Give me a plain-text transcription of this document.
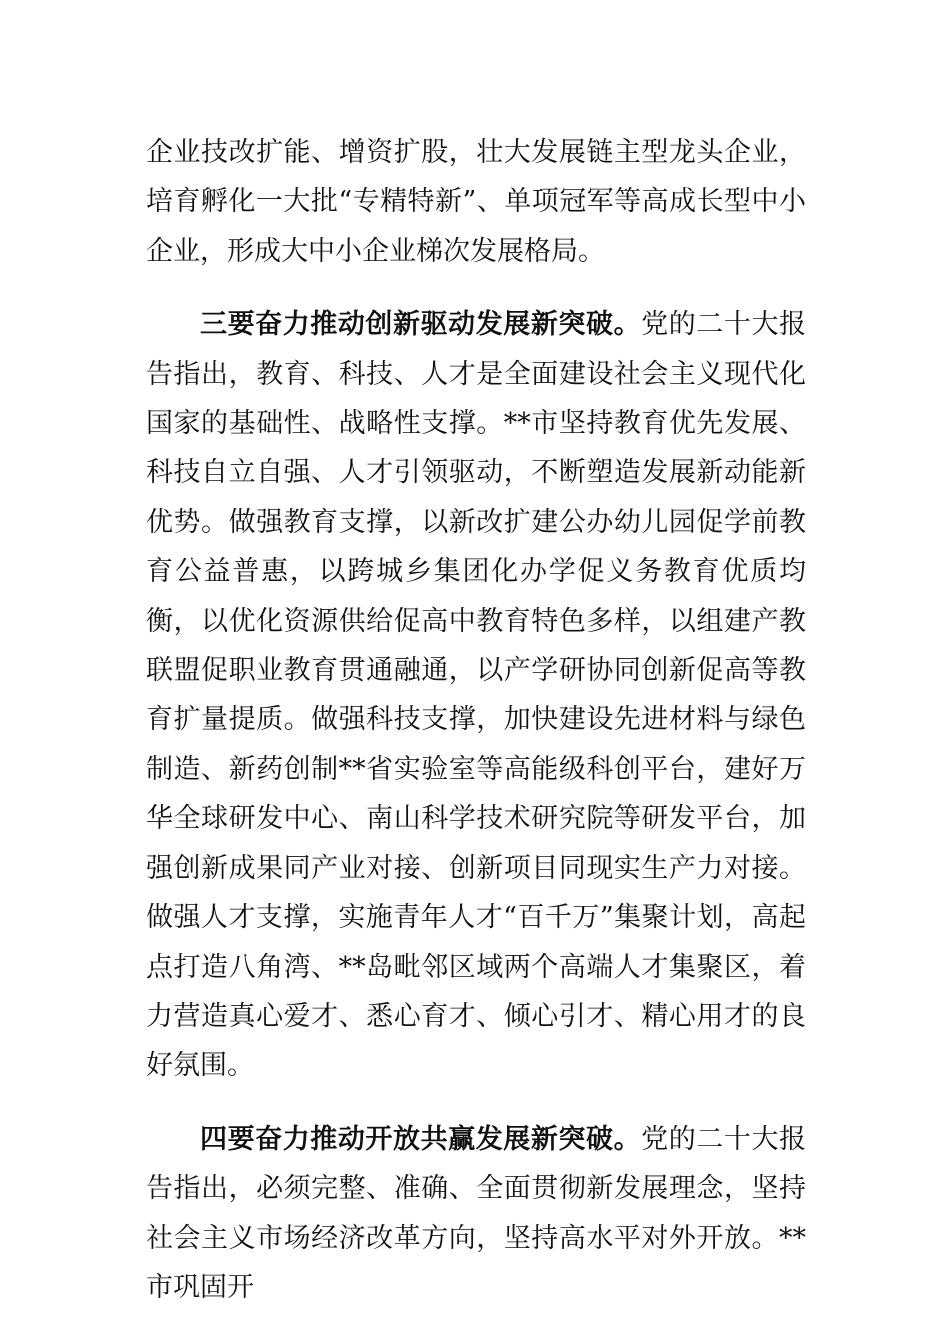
企业技改扩能、增资扩股，壮大发展链主型龙头企业，培育孵化一大批“专精特新”、单项冠军等高成长型中小企业，形成大中小企业梯次发展格局。

三要奋力推动创新驱动发展新突破。党的二十大报告指出，教育、科技、人才是全面建设社会主义现代化国家的基础性、战略性支撑。**市坚持教育优先发展、科技自立自强、人才引领驱动，不断塑造发展新动能新优势。做强教育支撑，以新改扩建公办幼儿园促学前教育公益普惠，以跨城乡集团化办学促义务教育优质均衡，以优化资源供给促高中教育特色多样，以组建产教联盟促职业教育贯通融通，以产学研协同创新促高等教育扩量提质。做强科技支撑，加快建设先进材料与绿色制造、新药创制**省实验室等高能级科创平台，建好万华全球研发中心、南山科学技术研究院等研发平台，加强创新成果同产业对接、创新项目同现实生产力对接。做强人才支撑，实施青年人才“百千万”集聚计划，高起点打造八角湾、**岛毗邻区域两个高端人才集聚区，着力营造真心爱才、悉心育才、倾心引才、精心用才的良好氛围。

四要奋力推动开放共赢发展新突破。党的二十大报告指出，必须完整、准确、全面贯彻新发展理念，坚持社会主义市场经济改革方向，坚持高水平对外开放。**市巩固开
